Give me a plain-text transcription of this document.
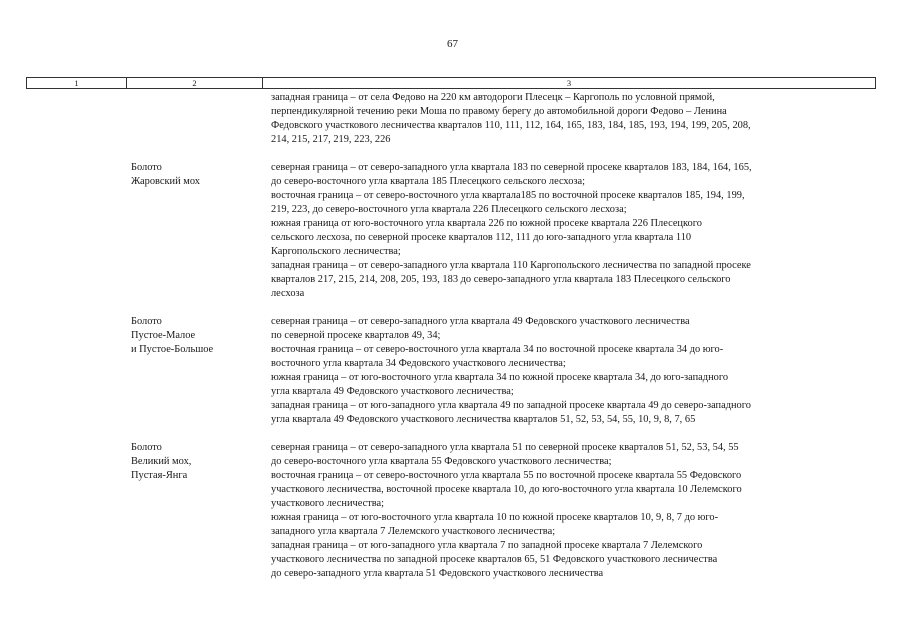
67
1	2	3
западная граница – от села Федово на 220 км автодороги Плесецк – Каргополь по условной прямой,
перпендикулярной течению реки Моша по правому берегу до автомобильной дороги Федово – Ленина
Федовского участкового лесничества кварталов 110, 111, 112, 164, 165, 183, 184, 185, 193, 194, 199, 205, 208,
214, 215, 217, 219, 223, 226
Болото
Жаровский мох
северная граница – от северо-западного угла квартала 183 по северной просеке кварталов 183, 184, 164, 165,
до северо-восточного угла квартала 185 Плесецкого сельского лесхоза;
восточная граница – от северо-восточного угла квартала185 по восточной просеке кварталов 185, 194, 199,
219, 223, до северо-восточного угла квартала 226 Плесецкого сельского лесхоза;
южная граница от юго-восточного угла квартала 226 по южной просеке квартала 226 Плесецкого
сельского лесхоза, по северной просеке кварталов 112, 111 до юго-западного угла квартала 110
Каргопольского лесничества;
западная граница – от северо-западного угла квартала 110 Каргопольского лесничества по западной просеке
кварталов 217, 215, 214, 208, 205, 193, 183 до северо-западного угла квартала 183 Плесецкого сельского
лесхоза
Болото
Пустое-Малое
и Пустое-Большое
северная граница – от северо-западного угла квартала 49 Федовского участкового лесничества
по северной просеке кварталов 49, 34;
восточная граница – от северо-восточного угла квартала 34 по восточной просеке квартала 34 до юго-
восточного угла квартала 34 Федовского участкового лесничества;
южная граница – от юго-восточного угла квартала 34 по южной просеке квартала 34, до юго-западного
угла квартала 49 Федовского участкового лесничества;
западная граница – от юго-западного угла квартала 49 по западной просеке квартала 49 до северо-западного
угла квартала 49 Федовского участкового лесничества кварталов 51, 52, 53, 54, 55, 10, 9, 8, 7, 65
Болото
Великий мох,
Пустая-Янга
северная граница – от северо-западного угла квартала 51 по северной просеке кварталов 51, 52, 53, 54, 55
до северо-восточного угла квартала 55 Федовского участкового лесничества;
восточная граница – от северо-восточного угла квартала 55 по восточной просеке квартала 55 Федовского
участкового лесничества, восточной просеке квартала 10, до юго-восточного угла квартала 10 Лелемского
участкового лесничества;
южная граница – от юго-восточного угла квартала 10 по южной просеке кварталов 10, 9, 8, 7 до юго-
западного угла квартала 7 Лелемского участкового лесничества;
западная граница – от юго-западного угла квартала 7 по западной просеке квартала 7 Лелемского
участкового лесничества по западной просеке кварталов 65, 51 Федовского участкового лесничества
до северо-западного угла квартала 51 Федовского участкового лесничества
